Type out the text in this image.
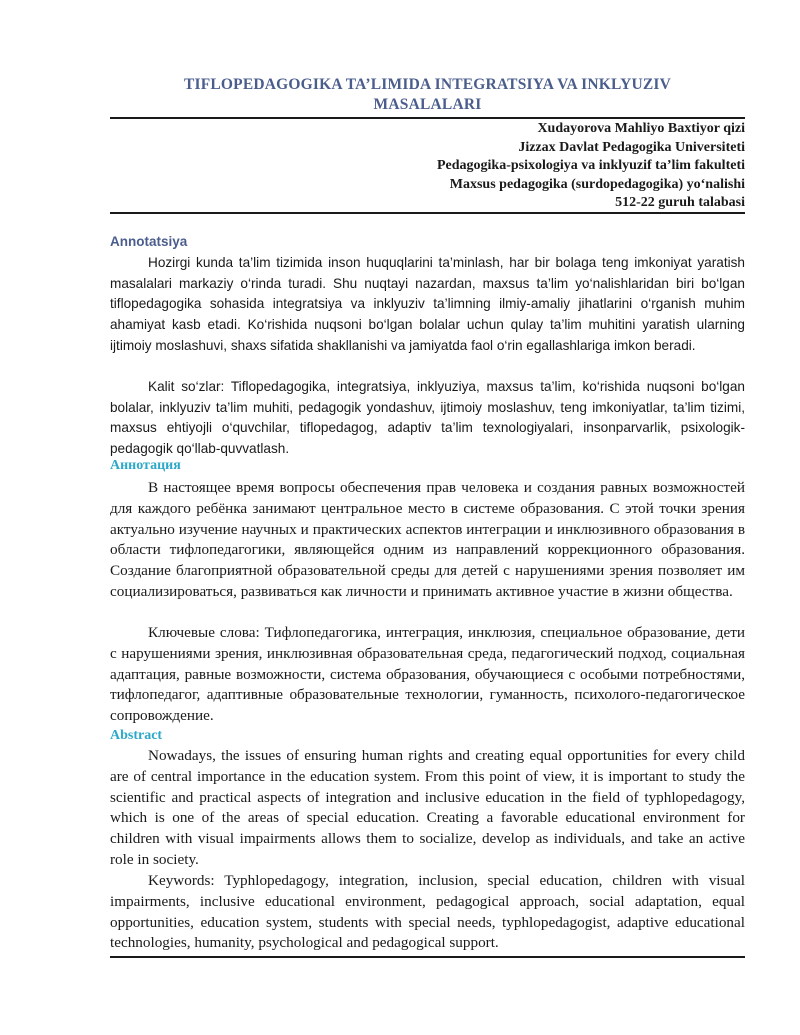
TIFLOPEDAGOGIKA TA’LIMIDA INTEGRATSIYA VA INKLYUZIV
MASALALARI
Xudayorova Mahliyo Baxtiyor qizi
Jizzax Davlat Pedagogika Universiteti
Pedagogika-psixologiya va inklyuzif ta’lim fakulteti
Maxsus pedagogika (surdopedagogika) yo‘nalishi
512-22 guruh talabasi
Annotatsiya

Hozirgi kunda ta’lim tizimida inson huquqlarini ta’minlash, har bir bolaga teng imkoniyat yaratish masalalari markaziy o‘rinda turadi. Shu nuqtayi nazardan, maxsus ta’lim yo‘nalishlaridan biri bo‘lgan tiflopedagogika sohasida integratsiya va inklyuziv ta’limning ilmiy-amaliy jihatlarini o‘rganish muhim ahamiyat kasb etadi. Ko‘rishida nuqsoni bo‘lgan bolalar uchun qulay ta’lim muhitini yaratish ularning ijtimoiy moslashuvi, shaxs sifatida shakllanishi va jamiyatda faol o‘rin egallashlariga imkon beradi.

Kalit so‘zlar: Tiflopedagogika, integratsiya, inklyuziya, maxsus ta’lim, ko‘rishida nuqsoni bo‘lgan bolalar, inklyuziv ta’lim muhiti, pedagogik yondashuv, ijtimoiy moslashuv, teng imkoniyatlar, ta’lim tizimi, maxsus ehtiyojli o‘quvchilar, tiflopedagog, adaptiv ta’lim texnologiyalari, insonparvarlik, psixologik-pedagogik qo‘llab-quvvatlash.

Аннотация

В настоящее время вопросы обеспечения прав человека и создания равных возможностей для каждого ребёнка занимают центральное место в системе образования. С этой точки зрения актуально изучение научных и практических аспектов интеграции и инклюзивного образования в области тифлопедагогики, являющейся одним из направлений коррекционного образования. Создание благоприятной образовательной среды для детей с нарушениями зрения позволяет им социализироваться, развиваться как личности и принимать активное участие в жизни общества.

Ключевые слова: Тифлопедагогика, интеграция, инклюзия, специальное образование, дети с нарушениями зрения, инклюзивная образовательная среда, педагогический подход, социальная адаптация, равные возможности, система образования, обучающиеся с особыми потребностями, тифлопедагог, адаптивные образовательные технологии, гуманность, психолого-педагогическое сопровождение.

Abstract

Nowadays, the issues of ensuring human rights and creating equal opportunities for every child are of central importance in the education system. From this point of view, it is important to study the scientific and practical aspects of integration and inclusive education in the field of typhlopedagogy, which is one of the areas of special education. Creating a favorable educational environment for children with visual impairments allows them to socialize, develop as individuals, and take an active role in society.

Keywords: Typhlopedagogy, integration, inclusion, special education, children with visual impairments, inclusive educational environment, pedagogical approach, social adaptation, equal opportunities, education system, students with special needs, typhlopedagogist, adaptive educational technologies, humanity, psychological and pedagogical support.
